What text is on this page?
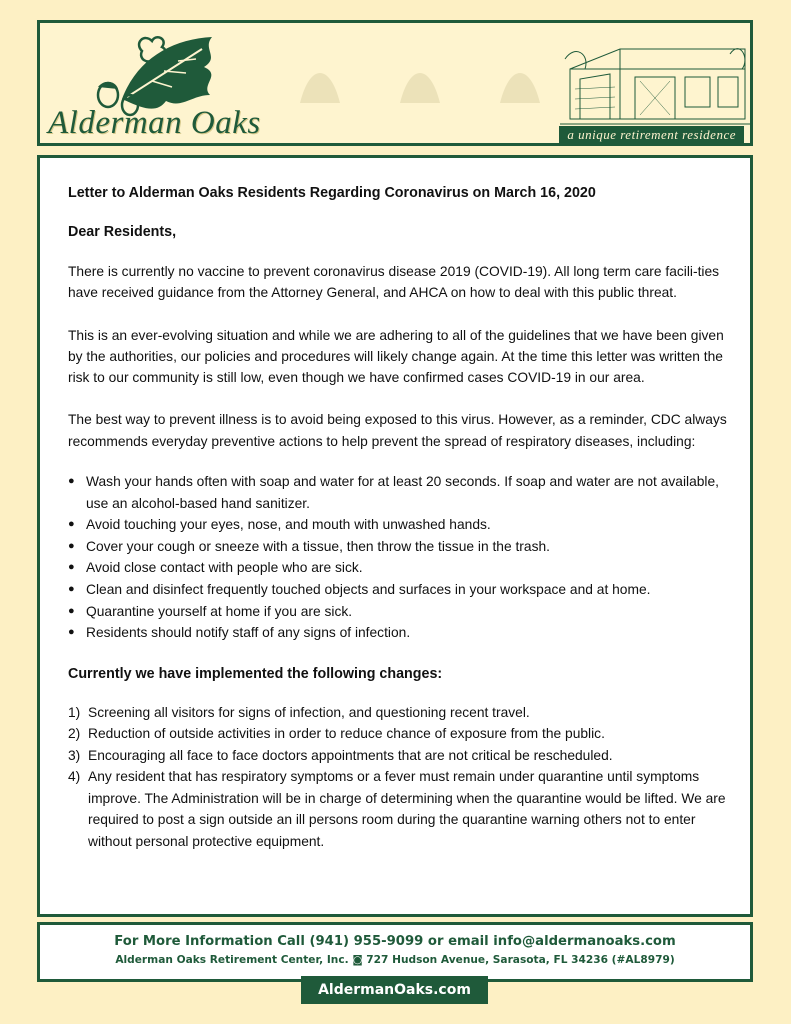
Alderman Oaks	a unique retirement residence

Letter to Alderman Oaks Residents Regarding Coronavirus on March 16, 2020

Dear Residents,

There is currently no vaccine to prevent coronavirus disease 2019 (COVID-19). All long term care facili-ties have received guidance from the Attorney General, and AHCA on how to deal with this public threat.

This is an ever-evolving situation and while we are adhering to all of the guidelines that we have been given by the authorities, our policies and procedures will likely change again. At the time this letter was written the risk to our community is still low, even though we have confirmed cases COVID-19 in our area.

The best way to prevent illness is to avoid being exposed to this virus. However, as a reminder, CDC always recommends everyday preventive actions to help prevent the spread of respiratory diseases, including:

● Wash your hands often with soap and water for at least 20 seconds. If soap and water are not available, use an alcohol-based hand sanitizer.
● Avoid touching your eyes, nose, and mouth with unwashed hands.
● Cover your cough or sneeze with a tissue, then throw the tissue in the trash.
● Avoid close contact with people who are sick.
● Clean and disinfect frequently touched objects and surfaces in your workspace and at home.
● Quarantine yourself at home if you are sick.
● Residents should notify staff of any signs of infection.

Currently we have implemented the following changes:

1) Screening all visitors for signs of infection, and questioning recent travel.
2) Reduction of outside activities in order to reduce chance of exposure from the public.
3) Encouraging all face to face doctors appointments that are not critical be rescheduled.
4) Any resident that has respiratory symptoms or a fever must remain under quarantine until symptoms improve. The Administration will be in charge of determining when the quarantine would be lifted. We are required to post a sign outside an ill persons room during the quarantine warning others not to enter without personal protective equipment.
For More Information Call (941) 955-9099 or email info@aldermanoaks.com
Alderman Oaks Retirement Center, Inc. ◙ 727 Hudson Avenue, Sarasota, FL 34236 (#AL8979)
AldermanOaks.com
